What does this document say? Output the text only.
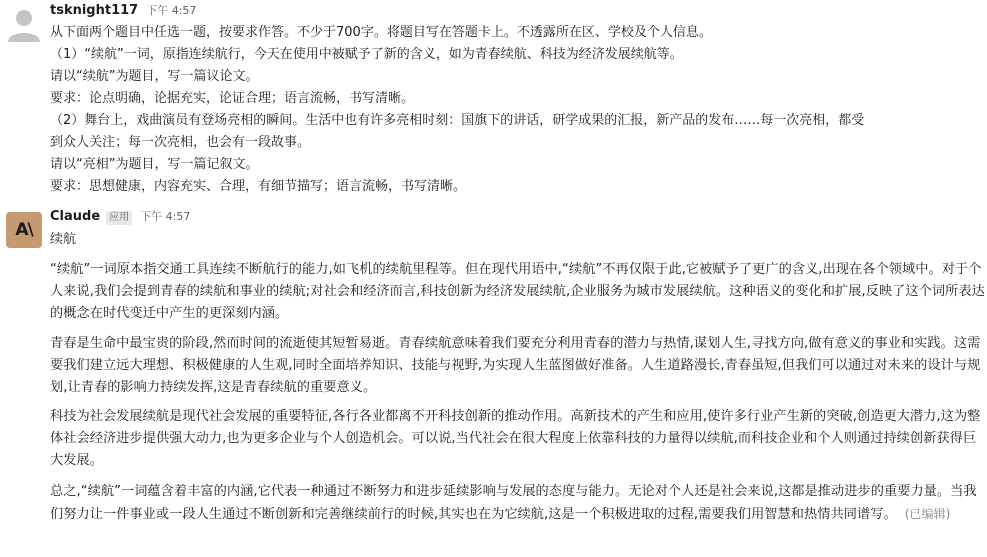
tsknight117 下午 4:57
从下面两个题目中任选一题，按要求作答。不少于700字。将题目写在答题卡上。不透露所在区、学校及个人信息。
（1）“续航”一词，原指连续航行，今天在使用中被赋予了新的含义，如为青春续航、科技为经济发展续航等。
请以“续航”为题目，写一篇议论文。
要求：论点明确，论据充实，论证合理；语言流畅，书写清晰。
（2）舞台上，戏曲演员有登场亮相的瞬间。生活中也有许多亮相时刻：国旗下的讲话，研学成果的汇报，新产品的发布……每一次亮相，都受
到众人关注；每一次亮相，也会有一段故事。
请以“亮相”为题目，写一篇记叙文。
要求：思想健康，内容充实、合理，有细节描写；语言流畅，书写清晰。
A\
Claude 应用 下午 4:57
续航
“续航”一词原本指交通工具连续不断航行的能力,如飞机的续航里程等。但在现代用语中,“续航”不再仅限于此,它被赋予了更广的含义,出现在各个领域中。对于个人来说,我们会提到青春的续航和事业的续航;对社会和经济而言,科技创新为经济发展续航,企业服务为城市发展续航。这种语义的变化和扩展,反映了这个词所表达的概念在时代变迁中产生的更深刻内涵。
青春是生命中最宝贵的阶段,然而时间的流逝使其短暂易逝。青春续航意味着我们要充分利用青春的潜力与热情,谋划人生,寻找方向,做有意义的事业和实践。这需要我们建立远大理想、积极健康的人生观,同时全面培养知识、技能与视野,为实现人生蓝图做好准备。人生道路漫长,青春虽短,但我们可以通过对未来的设计与规划,让青春的影响力持续发挥,这是青春续航的重要意义。
科技为社会发展续航是现代社会发展的重要特征,各行各业都离不开科技创新的推动作用。高新技术的产生和应用,使许多行业产生新的突破,创造更大潜力,这为整体社会经济进步提供强大动力,也为更多企业与个人创造机会。可以说,当代社会在很大程度上依靠科技的力量得以续航,而科技企业和个人则通过持续创新获得巨大发展。
总之,“续航”一词蕴含着丰富的内涵,它代表一种通过不断努力和进步延续影响与发展的态度与能力。无论对个人还是社会来说,这都是推动进步的重要力量。当我们努力让一件事业或一段人生通过不断创新和完善继续前行的时候,其实也在为它续航,这是一个积极进取的过程,需要我们用智慧和热情共同谱写。 (已编辑)
